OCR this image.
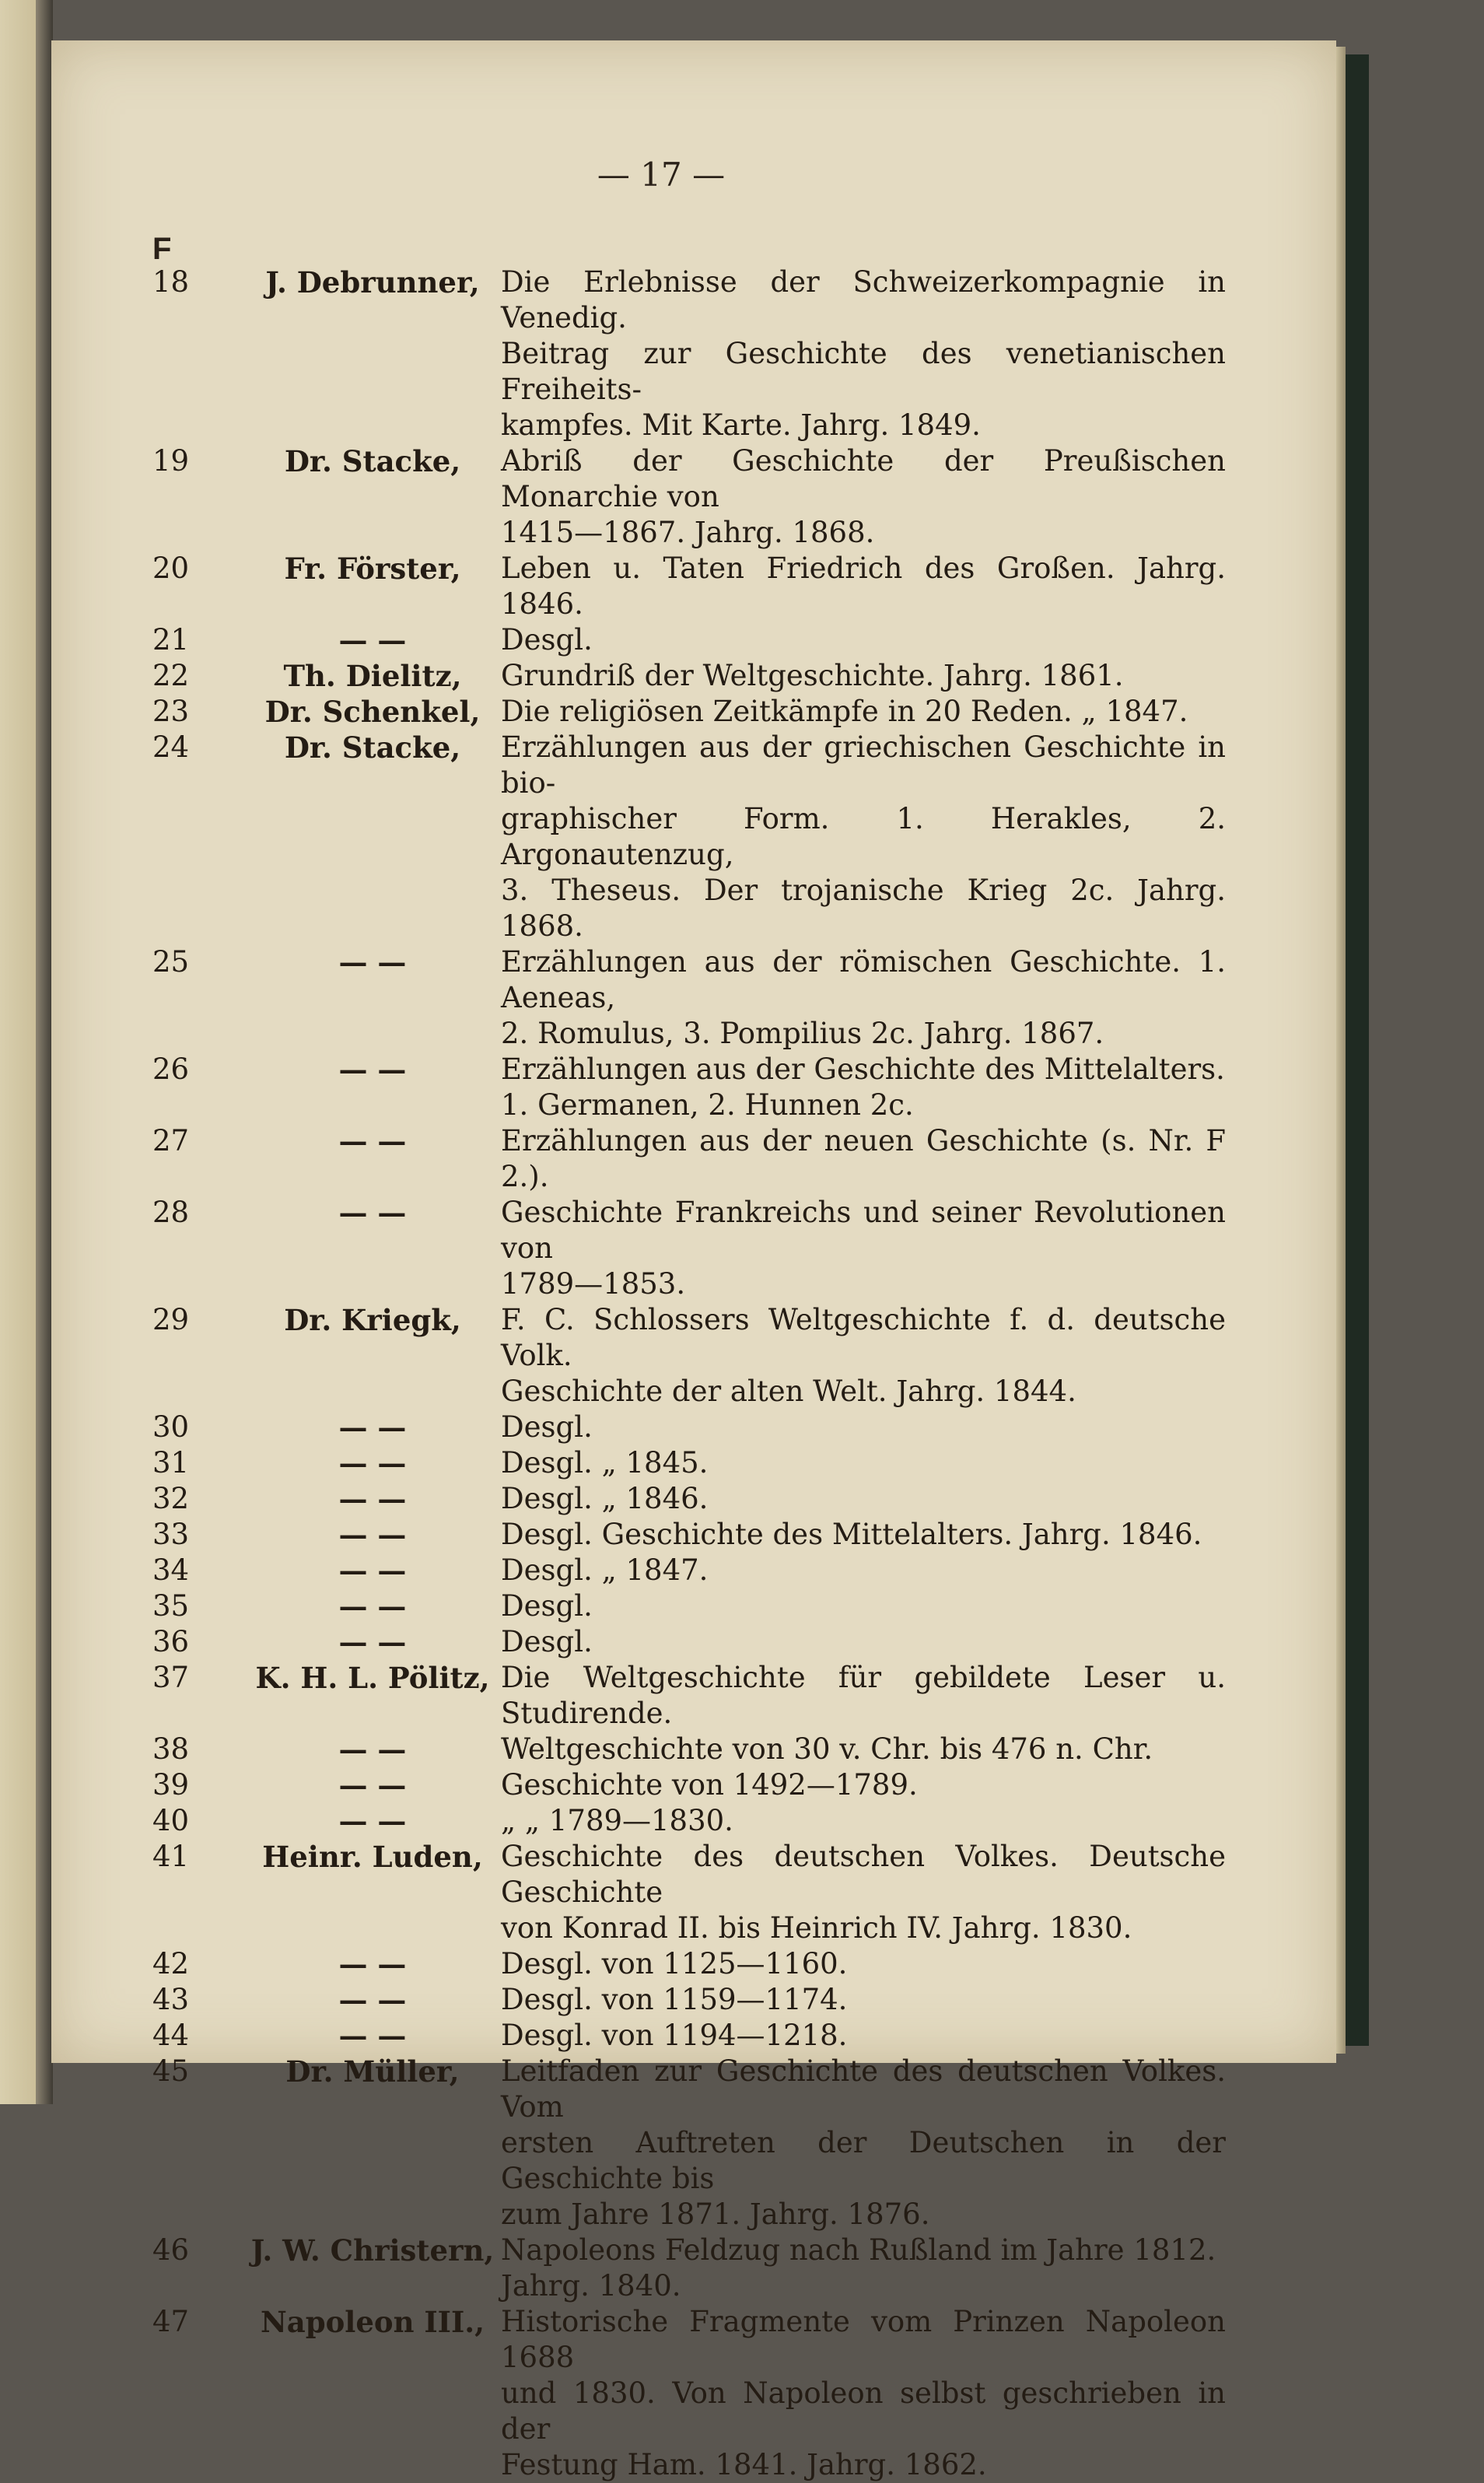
— 17 —
F
18	J. Debrunner, Die Erlebnisse der Schweizerkompagnie in Venedig.
Beitrag zur Geschichte des venetianischen Freiheits-
kampfes. Mit Karte. Jahrg. 1849.
19	Dr. Stacke,	Abriß der Geschichte der Preußischen Monarchie von
1415—1867. Jahrg. 1868.
20	Fr. Förster,	Leben u. Taten Friedrich des Großen. Jahrg. 1846.
21	— —	Desgl.
22	Th. Dielitz,	Grundriß der Weltgeschichte. Jahrg. 1861.
23	Dr. Schenkel, Die religiösen Zeitkämpfe in 20 Reden. „ 1847.
24	Dr. Stacke,	Erzählungen aus der griechischen Geschichte in bio-
graphischer Form. 1. Herakles, 2. Argonautenzug,
3. Theseus. Der trojanische Krieg 2c. Jahrg. 1868.
25	— —	Erzählungen aus der römischen Geschichte. 1. Aeneas,
2. Romulus, 3. Pompilius 2c. Jahrg. 1867.
26	— —	Erzählungen aus der Geschichte des Mittelalters.
1. Germanen, 2. Hunnen 2c.
27	— —	Erzählungen aus der neuen Geschichte (s. Nr. F 2.).
28	— —	Geschichte Frankreichs und seiner Revolutionen von
1789—1853.
29	Dr. Kriegk,	F. C. Schlossers Weltgeschichte f. d. deutsche Volk.
Geschichte der alten Welt. Jahrg. 1844.
30	— —	Desgl.
31	— —	Desgl. „ 1845.
32	— —	Desgl. „ 1846.
33	— —	Desgl. Geschichte des Mittelalters. Jahrg. 1846.
34	— —	Desgl. „ 1847.
35	— —	Desgl.
36	— —	Desgl.
37	K. H. L. Pölitz, Die Weltgeschichte für gebildete Leser u. Studirende.
38	— —	Weltgeschichte von 30 v. Chr. bis 476 n. Chr.
39	— —	Geschichte von 1492—1789.
40	— —	„ „ 1789—1830.
41	Heinr. Luden, Geschichte des deutschen Volkes. Deutsche Geschichte
von Konrad II. bis Heinrich IV. Jahrg. 1830.
42	— —	Desgl. von 1125—1160.
43	— —	Desgl. von 1159—1174.
44	— —	Desgl. von 1194—1218.
45	Dr. Müller,	Leitfaden zur Geschichte des deutschen Volkes. Vom
ersten Auftreten der Deutschen in der Geschichte bis
zum Jahre 1871. Jahrg. 1876.
46	J. W. Christern, Napoleons Feldzug nach Rußland im Jahre 1812.
Jahrg. 1840.
47	Napoleon III., Historische Fragmente vom Prinzen Napoleon 1688
und 1830. Von Napoleon selbst geschrieben in der
Festung Ham. 1841. Jahrg. 1862.
